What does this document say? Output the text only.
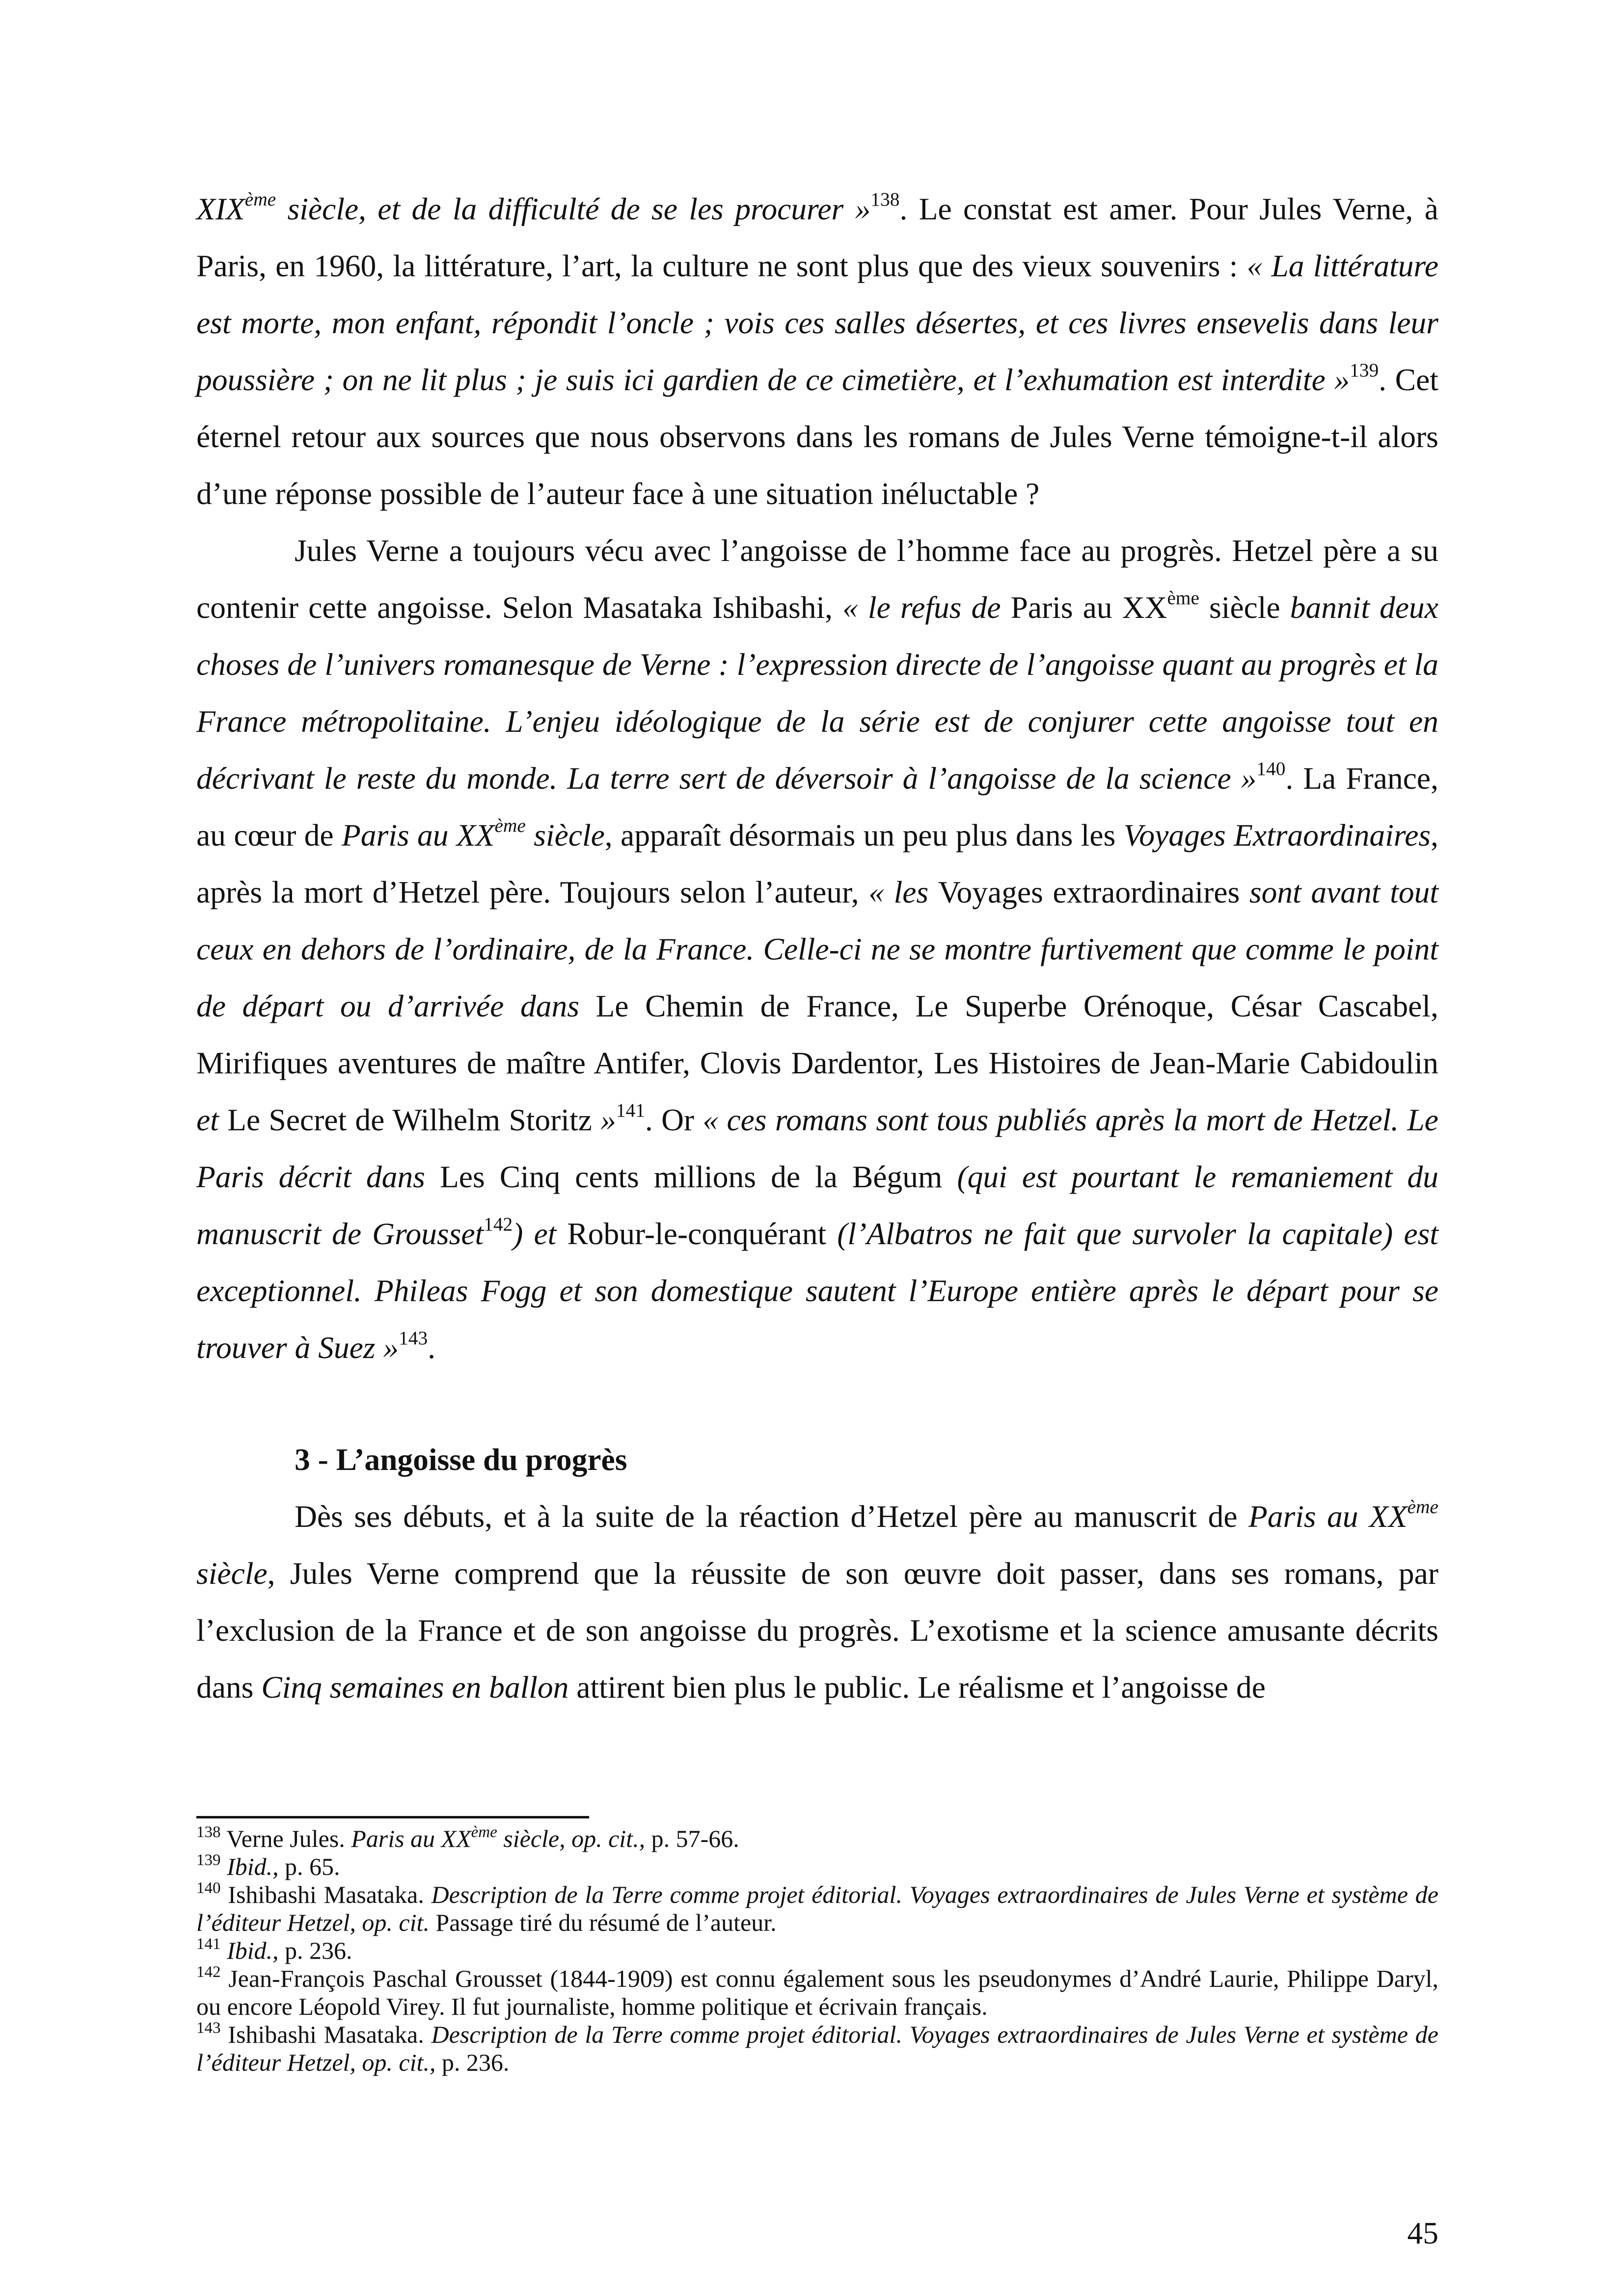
XIXème siècle, et de la difficulté de se les procurer »$^{138}$. Le constat est amer. Pour Jules Verne, à Paris, en 1960, la littérature, l’art, la culture ne sont plus que des vieux souvenirs : « La littérature est morte, mon enfant, répondit l’oncle ; vois ces salles désertes, et ces livres ensevelis dans leur poussière ; on ne lit plus ; je suis ici gardien de ce cimetière, et l’exhumation est interdite »$^{139}$. Cet éternel retour aux sources que nous observons dans les romans de Jules Verne témoigne-t-il alors d’une réponse possible de l’auteur face à une situation inéluctable ?

Jules Verne a toujours vécu avec l’angoisse de l’homme face au progrès. Hetzel père a su contenir cette angoisse. Selon Masataka Ishibashi, « le refus de Paris au XXème siècle bannit deux choses de l’univers romanesque de Verne : l’expression directe de l’angoisse quant au progrès et la France métropolitaine. L’enjeu idéologique de la série est de conjurer cette angoisse tout en décrivant le reste du monde. La terre sert de déversoir à l’angoisse de la science »$^{140}$. La France, au cœur de Paris au XXème siècle, apparaît désormais un peu plus dans les Voyages Extraordinaires, après la mort d’Hetzel père. Toujours selon l’auteur, « les Voyages extraordinaires sont avant tout ceux en dehors de l’ordinaire, de la France. Celle-ci ne se montre furtivement que comme le point de départ ou d’arrivée dans Le Chemin de France, Le Superbe Orénoque, César Cascabel, Mirifiques aventures de maître Antifer, Clovis Dardentor, Les Histoires de Jean-Marie Cabidoulin et Le Secret de Wilhelm Storitz »$^{141}$. Or « ces romans sont tous publiés après la mort de Hetzel. Le Paris décrit dans Les Cinq cents millions de la Bégum (qui est pourtant le remaniement du manuscrit de Grousset$^{142}$) et Robur-le-conquérant (l’Albatros ne fait que survoler la capitale) est exceptionnel. Phileas Fogg et son domestique sautent l’Europe entière après le départ pour se trouver à Suez »$^{143}$.

3 - L’angoisse du progrès

Dès ses débuts, et à la suite de la réaction d’Hetzel père au manuscrit de Paris au XXème siècle, Jules Verne comprend que la réussite de son œuvre doit passer, dans ses romans, par l’exclusion de la France et de son angoisse du progrès. L’exotisme et la science amusante décrits dans Cinq semaines en ballon attirent bien plus le public. Le réalisme et l’angoisse de

$^{138}$ Verne Jules. Paris au XXème siècle, op. cit., p. 57-66.

$^{139}$ Ibid., p. 65.

$^{140}$ Ishibashi Masataka. Description de la Terre comme projet éditorial. Voyages extraordinaires de Jules Verne et système de l’éditeur Hetzel, op. cit. Passage tiré du résumé de l’auteur.

$^{141}$ Ibid., p. 236.

$^{142}$ Jean-François Paschal Grousset (1844-1909) est connu également sous les pseudonymes d’André Laurie, Philippe Daryl, ou encore Léopold Virey. Il fut journaliste, homme politique et écrivain français.

$^{143}$ Ishibashi Masataka. Description de la Terre comme projet éditorial. Voyages extraordinaires de Jules Verne et système de l’éditeur Hetzel, op. cit., p. 236.

45
